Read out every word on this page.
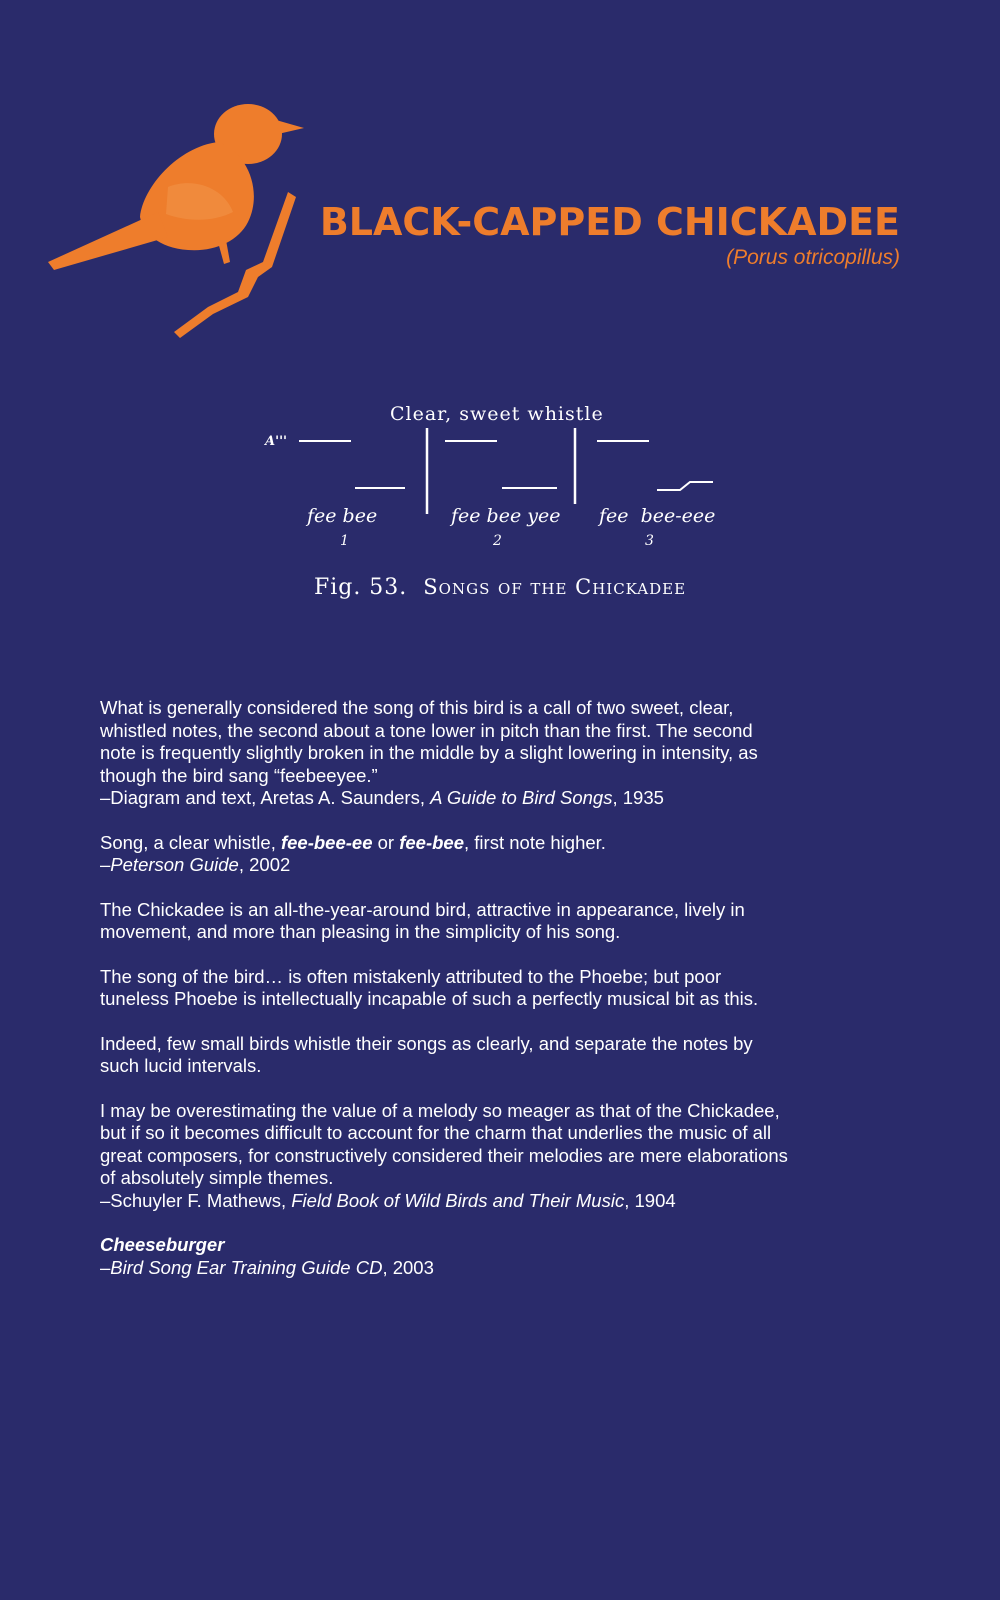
BLACK-CAPPED CHICKADEE
(Porus otricopillus)
Clear, sweet whistle
A'''
fee bee
1
fee bee yee
2
fee  bee-eee
3
Fig. 53. Songs of the Chickadee

What is generally considered the song of this bird is a call of two sweet, clear,
whistled notes, the second about a tone lower in pitch than the first. The second
note is frequently slightly broken in the middle by a slight lowering in intensity, as
though the bird sang “feebeeyee.”
–Diagram and text, Aretas A. Saunders, A Guide to Bird Songs, 1935

Song, a clear whistle, fee-bee-ee or fee-bee, first note higher.
–Peterson Guide, 2002

The Chickadee is an all-the-year-around bird, attractive in appearance, lively in
movement, and more than pleasing in the simplicity of his song.

The song of the bird… is often mistakenly attributed to the Phoebe; but poor
tuneless Phoebe is intellectually incapable of such a perfectly musical bit as this.

Indeed, few small birds whistle their songs as clearly, and separate the notes by
such lucid intervals.

I may be overestimating the value of a melody so meager as that of the Chickadee,
but if so it becomes difficult to account for the charm that underlies the music of all
great composers, for constructively considered their melodies are mere elaborations
of absolutely simple themes.
–Schuyler F. Mathews, Field Book of Wild Birds and Their Music, 1904

Cheeseburger
–Bird Song Ear Training Guide CD, 2003
